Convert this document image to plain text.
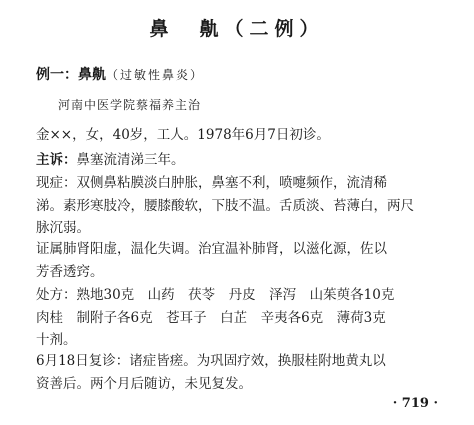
鼻　鼽（二例）
例一：鼻鼽（过敏性鼻炎）
河南中医学院蔡福养主治
金××，女，40岁，工人。1978年6月7日初诊。
主诉：鼻塞流清涕三年。
现症：双侧鼻粘膜淡白肿胀，鼻塞不利，喷嚏频作，流清稀
涕。素形寒肢冷，腰膝酸软，下肢不温。舌质淡、苔薄白，两尺
脉沉弱。
证属肺肾阳虚，温化失调。治宜温补肺肾，以滋化源，佐以
芳香透窍。
处方：熟地30克　山药　茯苓　丹皮　泽泻　山茱萸各10克
肉桂　制附子各6克　苍耳子　白芷　辛夷各6克　薄荷3克
十剂。
6月18日复诊：诸症皆瘥。为巩固疗效，换服桂附地黄丸以
资善后。两个月后随访，未见复发。
· 719 ·
